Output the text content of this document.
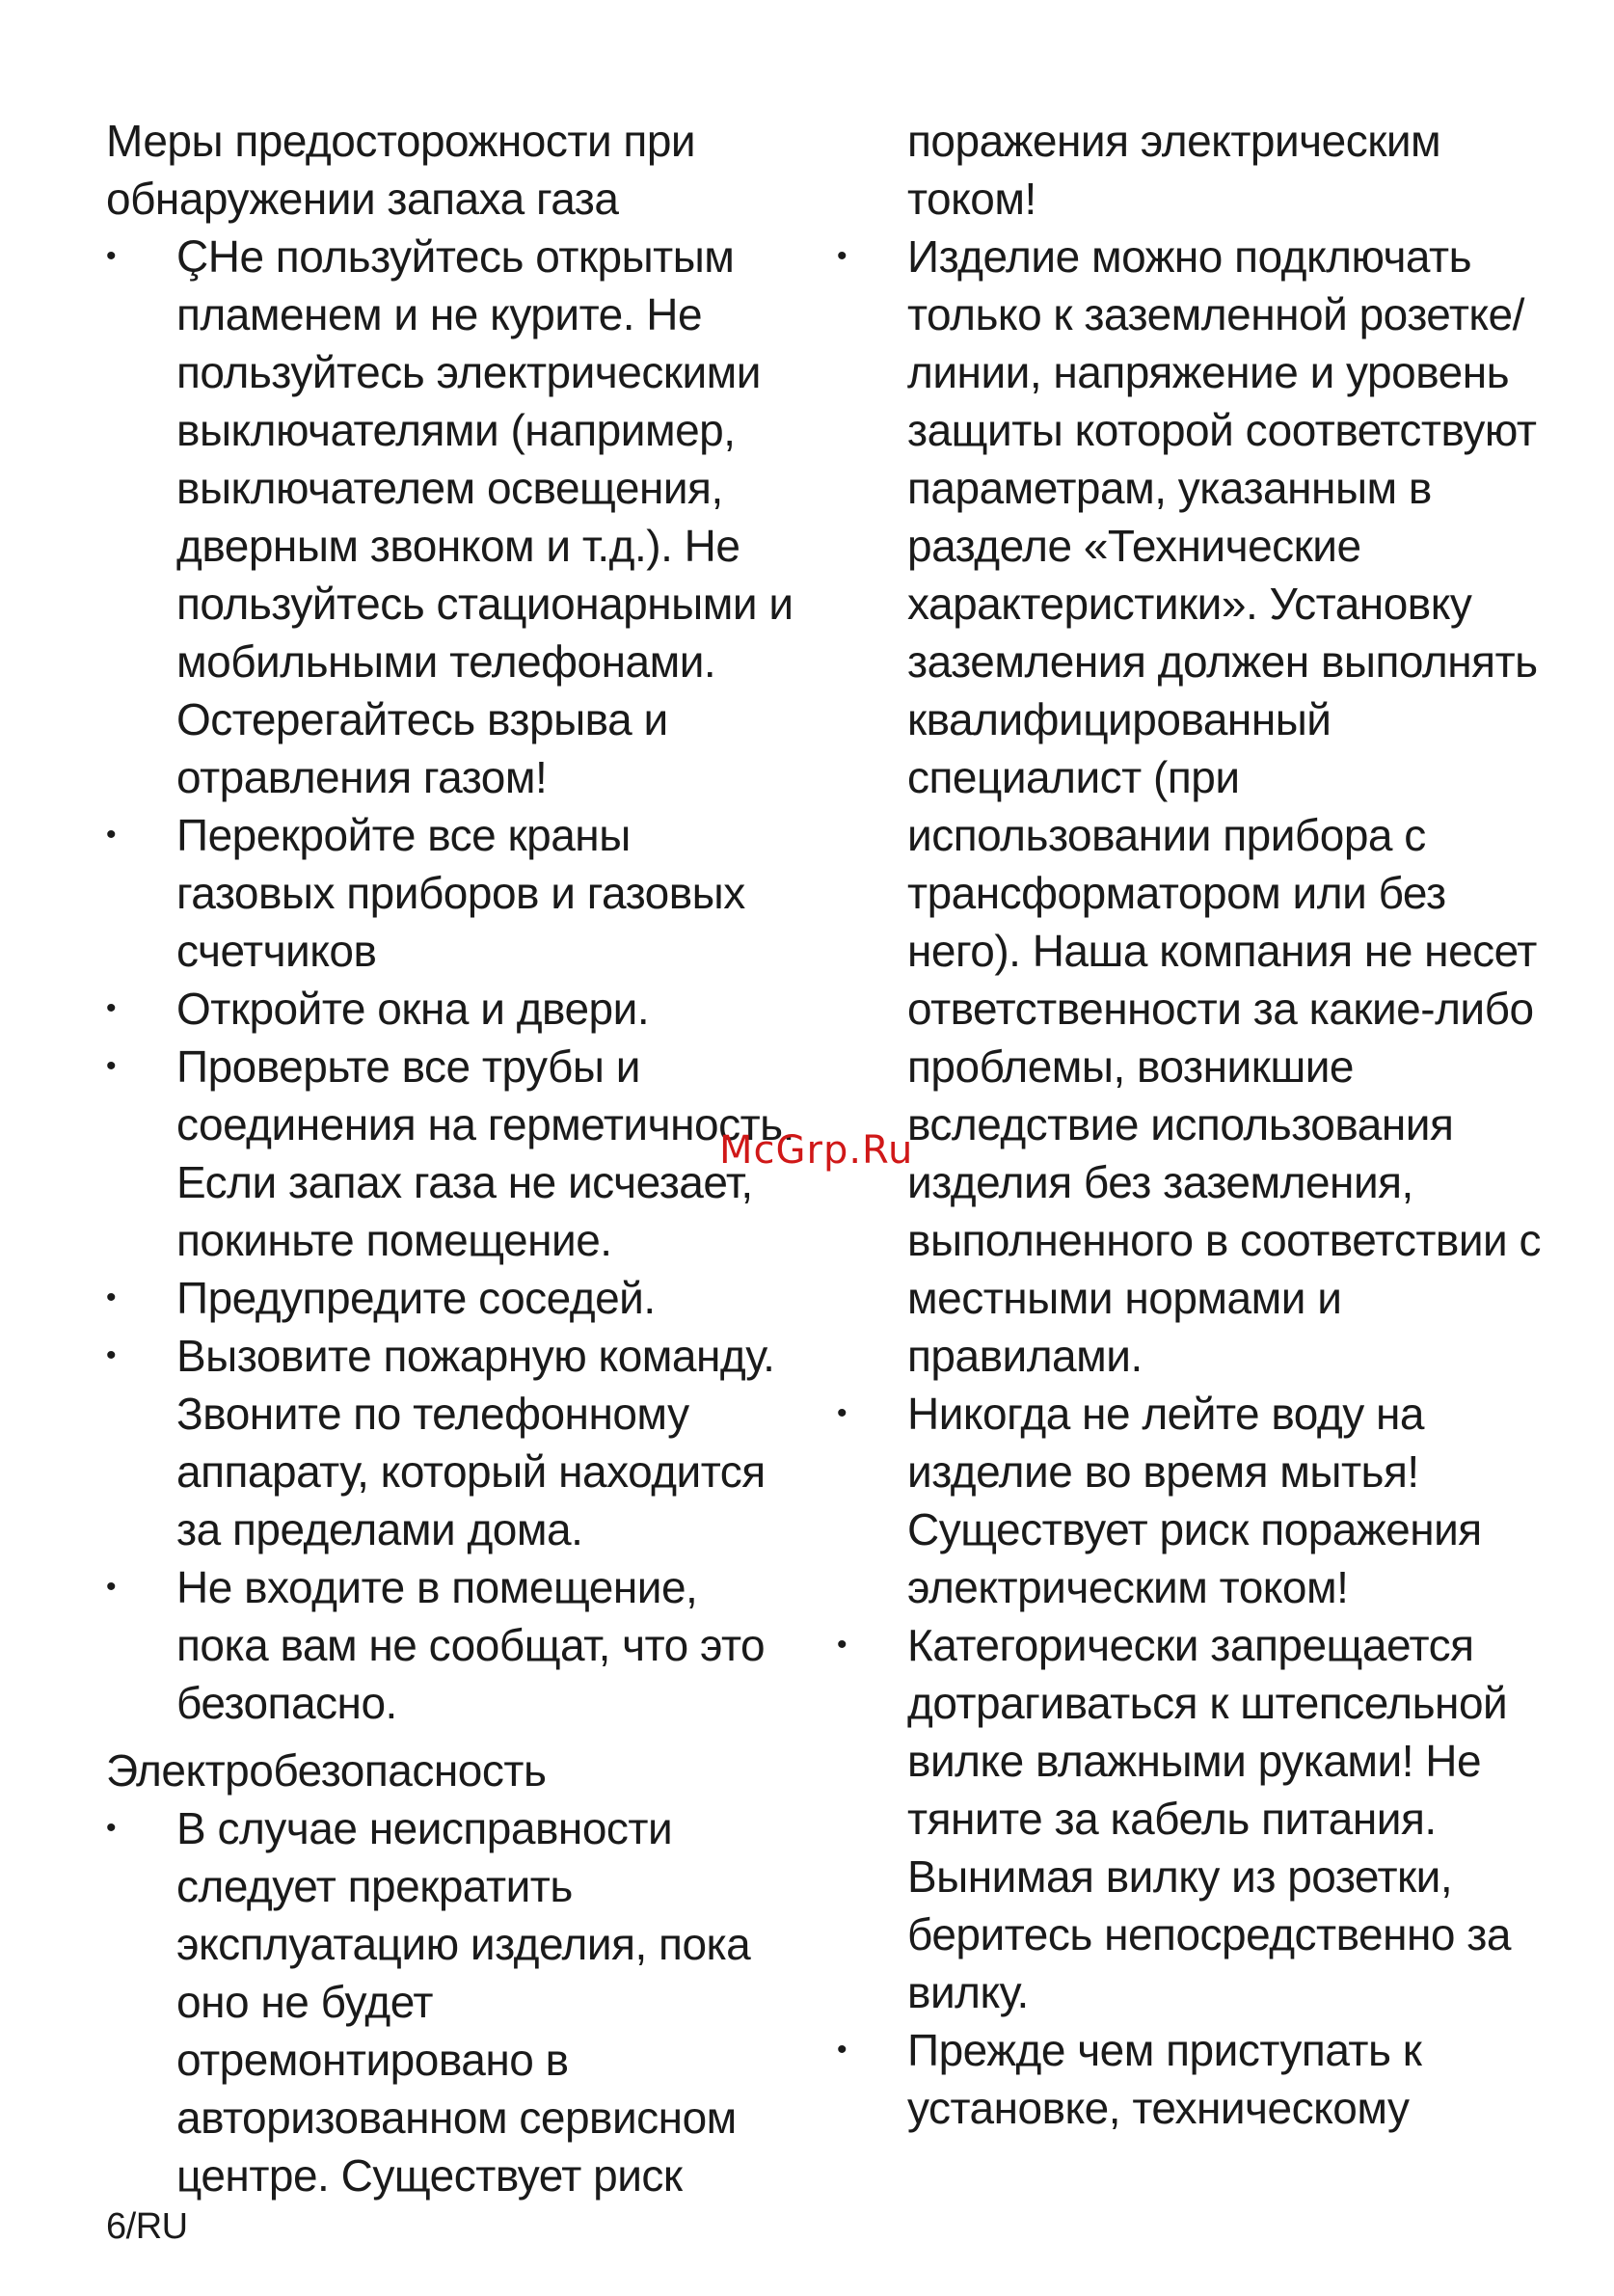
Меры предосторожности при обнаружении запаха газа
• ÇНе пользуйтесь открытым пламенем и не курите. Не пользуйтесь электрическими выключателями (например, выключателем освещения, дверным звонком и т.д.). Не пользуйтесь стационарными и мобильными телефонами. Остерегайтесь взрыва и отравления газом!
• Перекройте все краны газовых приборов и газовых счетчиков
• Откройте окна и двери.
• Проверьте все трубы и соединения на герметичность. Если запах газа не исчезает, покиньте помещение.
• Предупредите соседей.
• Вызовите пожарную команду. Звоните по телефонному аппарату, который находится за пределами дома.
• Не входите в помещение, пока вам не сообщат, что это безопасно.
Электробезопасность
• В случае неисправности следует прекратить эксплуатацию изделия, пока оно не будет отремонтировано в авторизованном сервисном центре. Существует риск
поражения электрическим током!
• Изделие можно подключать только к заземленной розетке/линии, напряжение и уровень защиты которой соответствуют параметрам, указанным в разделе «Технические характеристики». Установку заземления должен выполнять квалифицированный специалист (при использовании прибора с трансформатором или без него). Наша компания не несет ответственности за какие-либо проблемы, возникшие вследствие использования изделия без заземления, выполненного в соответствии с местными нормами и правилами.
• Никогда не лейте воду на изделие во время мытья! Существует риск поражения электрическим током!
• Категорически запрещается дотрагиваться к штепсельной вилке влажными руками! Не тяните за кабель питания. Вынимая вилку из розетки, беритесь непосредственно за вилку.
• Прежде чем приступать к установке, техническому
McGrp.Ru
6/RU
